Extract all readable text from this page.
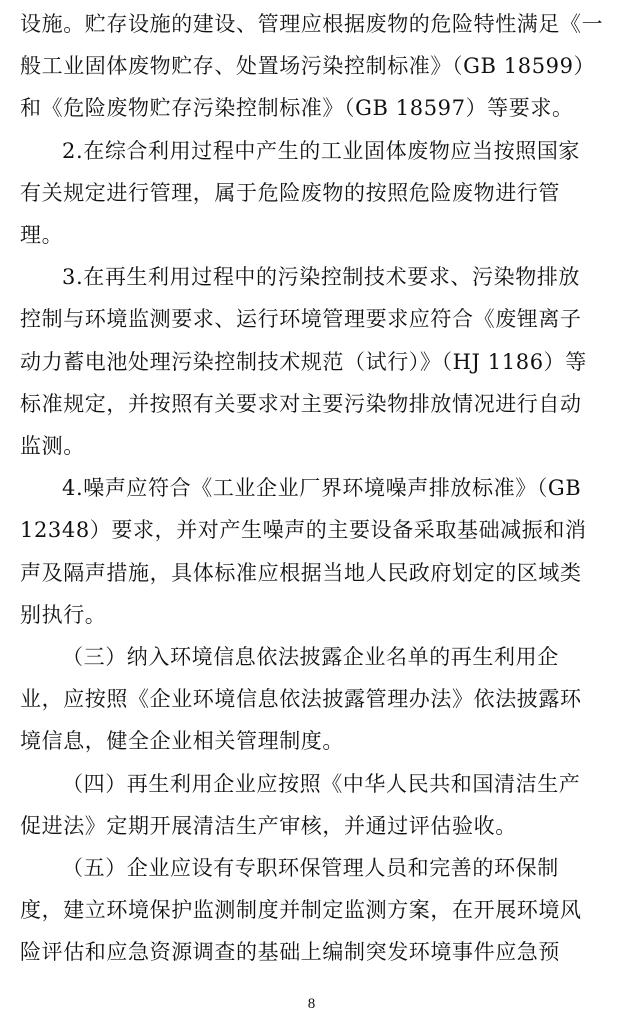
设施。贮存设施的建设、管理应根据废物的危险特性满足《一
般工业固体废物贮存、处置场污染控制标准》（GB 18599）
和《危险废物贮存污染控制标准》（GB 18597）等要求。
2.在综合利用过程中产生的工业固体废物应当按照国家
有关规定进行管理，属于危险废物的按照危险废物进行管
理。
3.在再生利用过程中的污染控制技术要求、污染物排放
控制与环境监测要求、运行环境管理要求应符合《废锂离子
动力蓄电池处理污染控制技术规范（试行）》（HJ 1186）等
标准规定，并按照有关要求对主要污染物排放情况进行自动
监测。
4.噪声应符合《工业企业厂界环境噪声排放标准》（GB
12348）要求，并对产生噪声的主要设备采取基础减振和消
声及隔声措施，具体标准应根据当地人民政府划定的区域类
别执行。
（三）纳入环境信息依法披露企业名单的再生利用企
业，应按照《企业环境信息依法披露管理办法》依法披露环
境信息，健全企业相关管理制度。
（四）再生利用企业应按照《中华人民共和国清洁生产
促进法》定期开展清洁生产审核，并通过评估验收。
（五）企业应设有专职环保管理人员和完善的环保制
度，建立环境保护监测制度并制定监测方案，在开展环境风
险评估和应急资源调查的基础上编制突发环境事件应急预
8
